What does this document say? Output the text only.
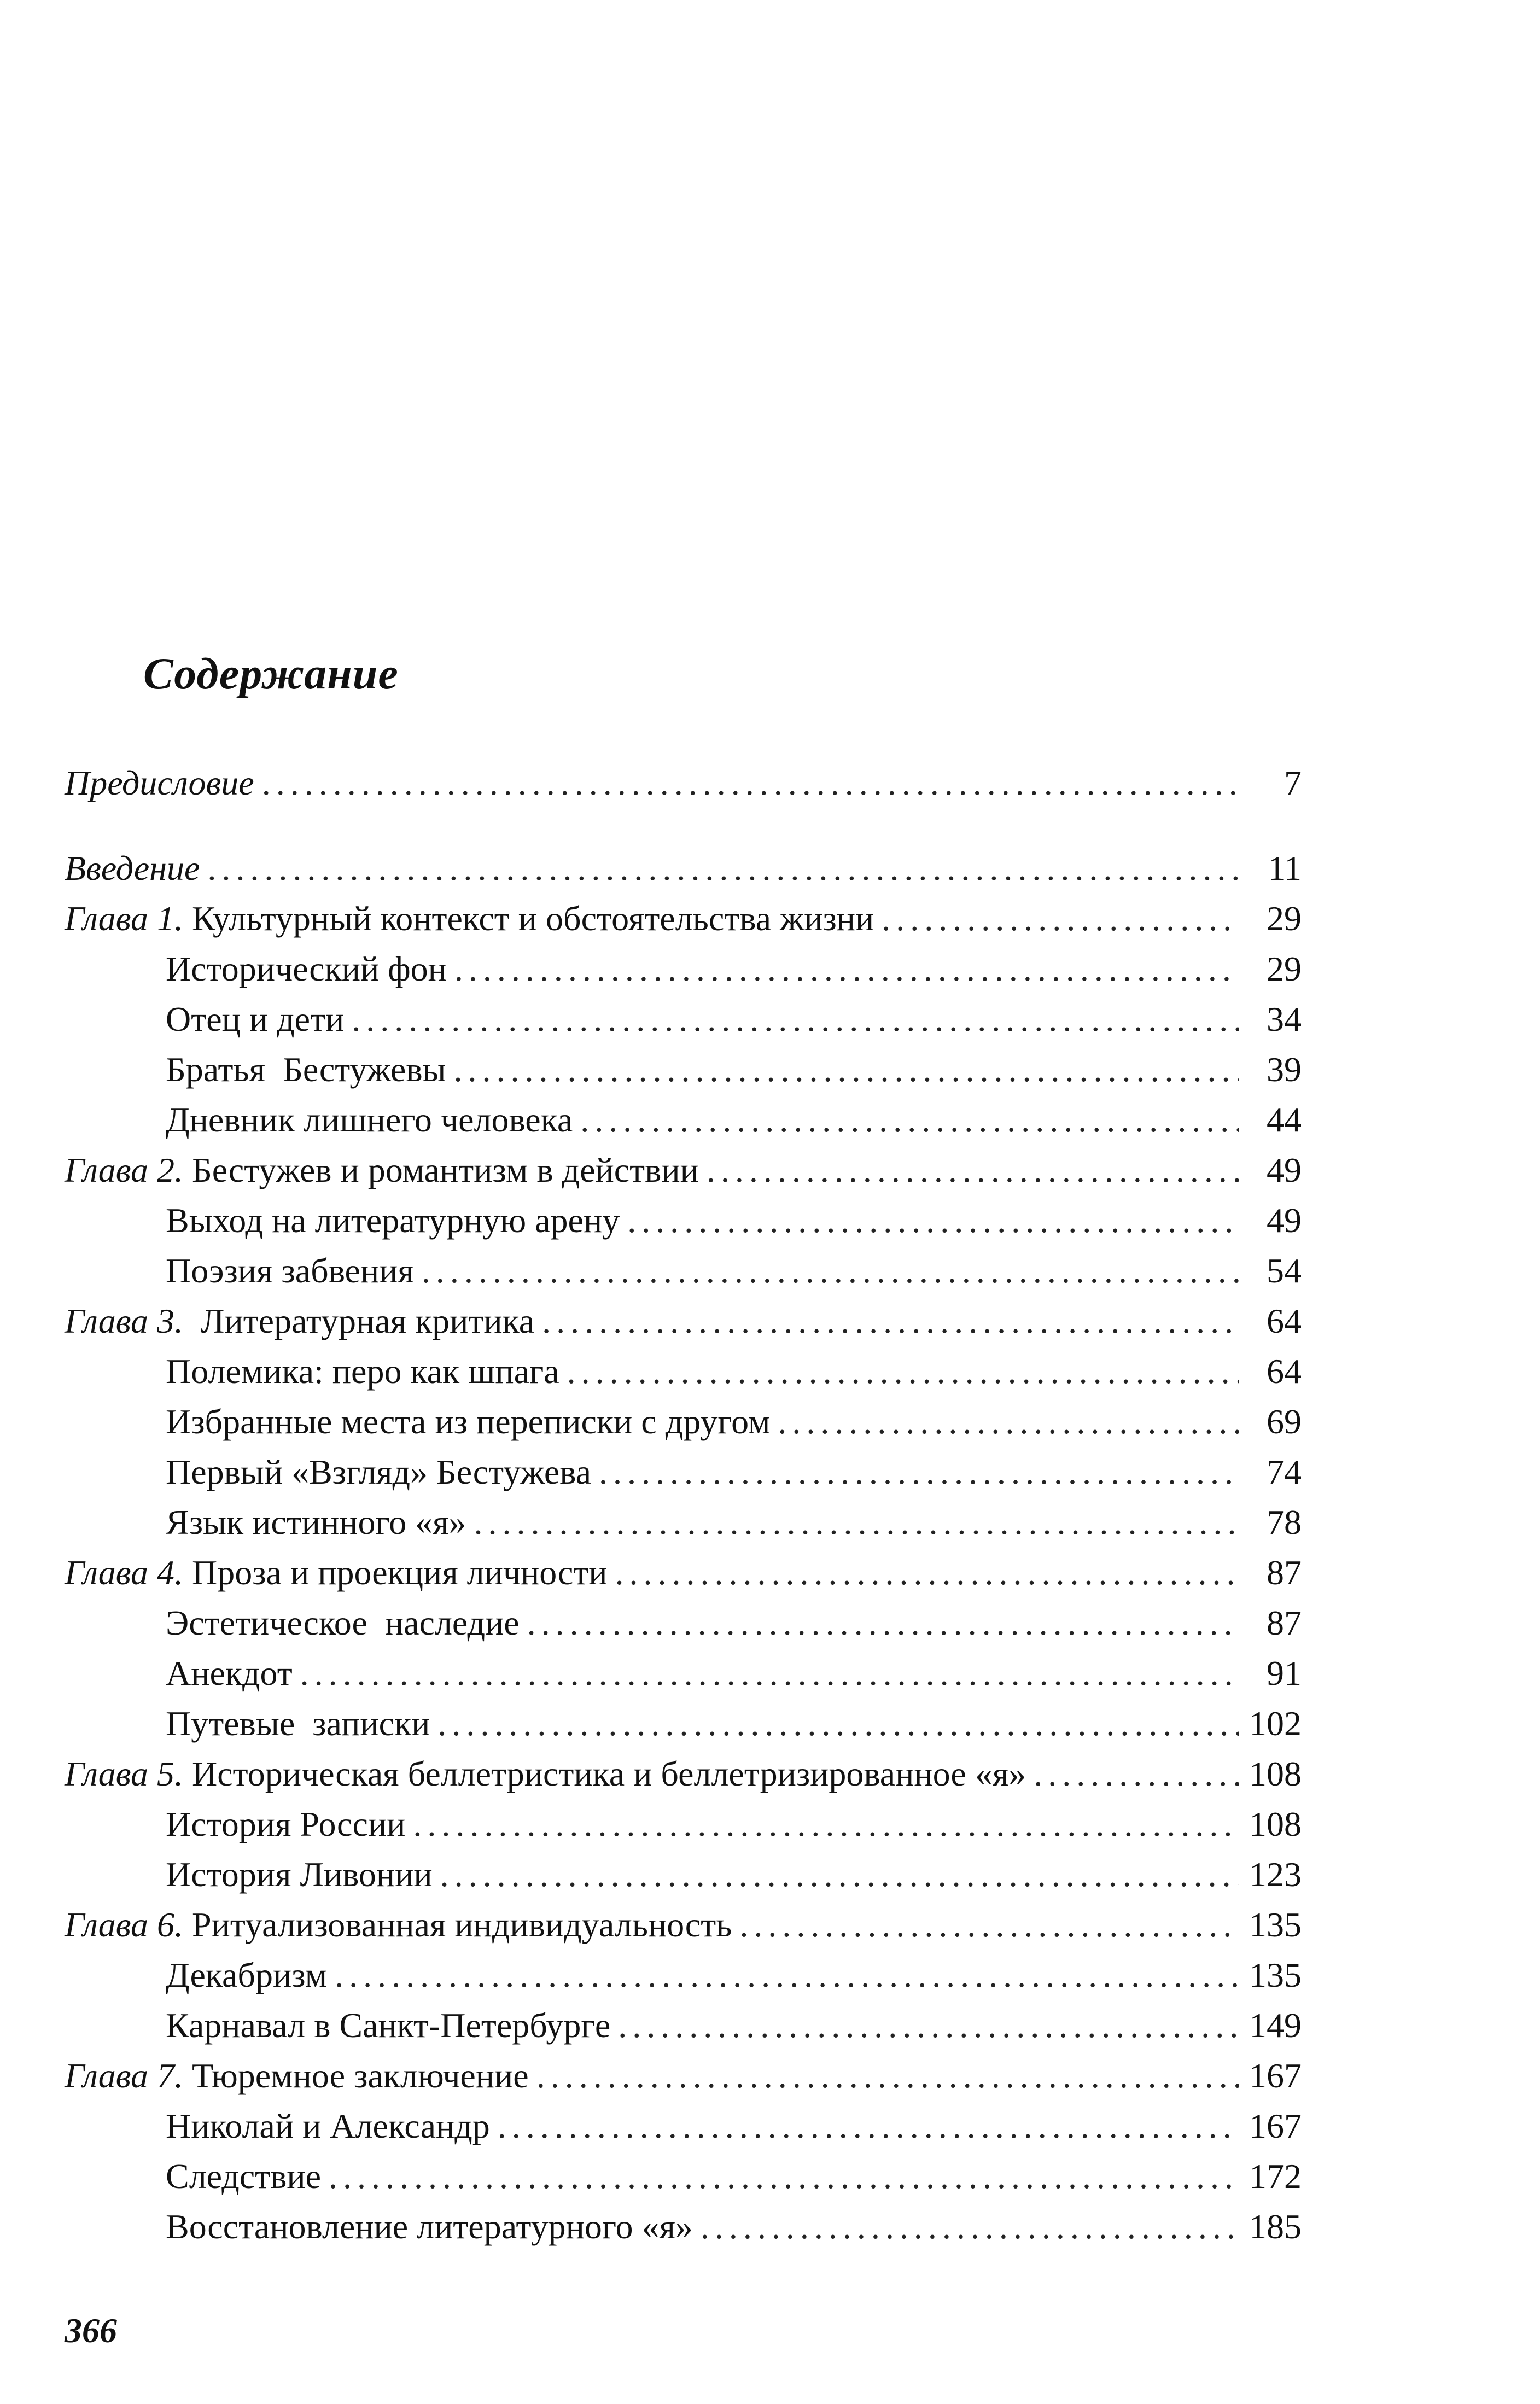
Содержание
Предисловие . . .	7
Введение . . .	11
Глава 1. Культурный контекст и обстоятельства жизни . . .	29
Исторический фон . . .	29
Отец и дети . . .	34
Братья  Бестужевы . . .	39
Дневник лишнего человека . . .	44
Глава 2. Бестужев и романтизм в действии . . .	49
Выход на литературную арену . . .	49
Поэзия забвения . . .	54
Глава 3.  Литературная критика . . .	64
Полемика: перо как шпага . . .	64
Избранные места из переписки с другом . . .	69
Первый «Взгляд» Бестужева . . .	74
Язык истинного «я» . . .	78
Глава 4. Проза и проекция личности . . .	87
Эстетическое  наследие . . .	87
Анекдот . . .	91
Путевые  записки . . .	102
Глава 5. Историческая беллетристика и беллетризированное «я» . . .	108
История России . . .	108
История Ливонии . . .	123
Глава 6. Ритуализованная индивидуальность . . .	135
Декабризм . . .	135
Карнавал в Санкт-Петербурге . . .	149
Глава 7. Тюремное заключение . . .	167
Николай и Александр . . .	167
Следствие . . .	172
Восстановление литературного «я» . . .	185
366
